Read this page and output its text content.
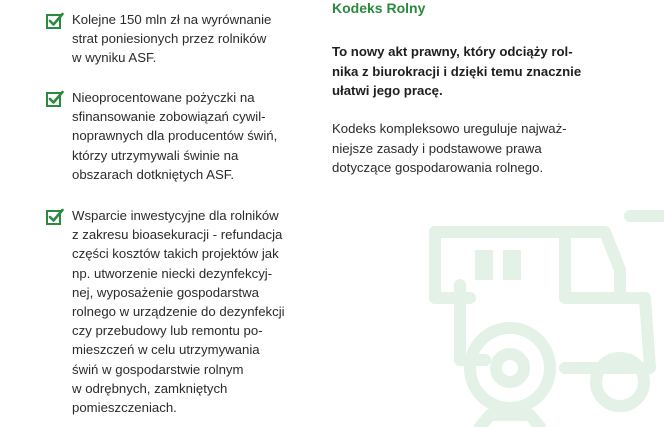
Kolejne 150 mln zł na wyrównanie
strat poniesionych przez rolników
w wyniku ASF.
Nieoprocentowane pożyczki na
sfinansowanie zobowiązań cywil-
noprawnych dla producentów świń,
którzy utrzymywali świnie na
obszarach dotkniętych ASF.
Wsparcie inwestycyjne dla rolników
z zakresu bioasekuracji - refundacja
części kosztów takich projektów jak
np. utworzenie niecki dezynfekcyj-
nej, wyposażenie gospodarstwa
rolnego w urządzenie do dezynfekcji
czy przebudowy lub remontu po-
mieszczeń w celu utrzymywania
świń w gospodarstwie rolnym
w odrębnych, zamkniętych
pomieszczeniach.
Kodeks Rolny
To nowy akt prawny, który odciąży rol-
nika z biurokracji i dzięki temu znacznie
ułatwi jego pracę.
Kodeks kompleksowo ureguluje najważ-
niejsze zasady i podstawowe prawa
dotyczące gospodarowania rolnego.
